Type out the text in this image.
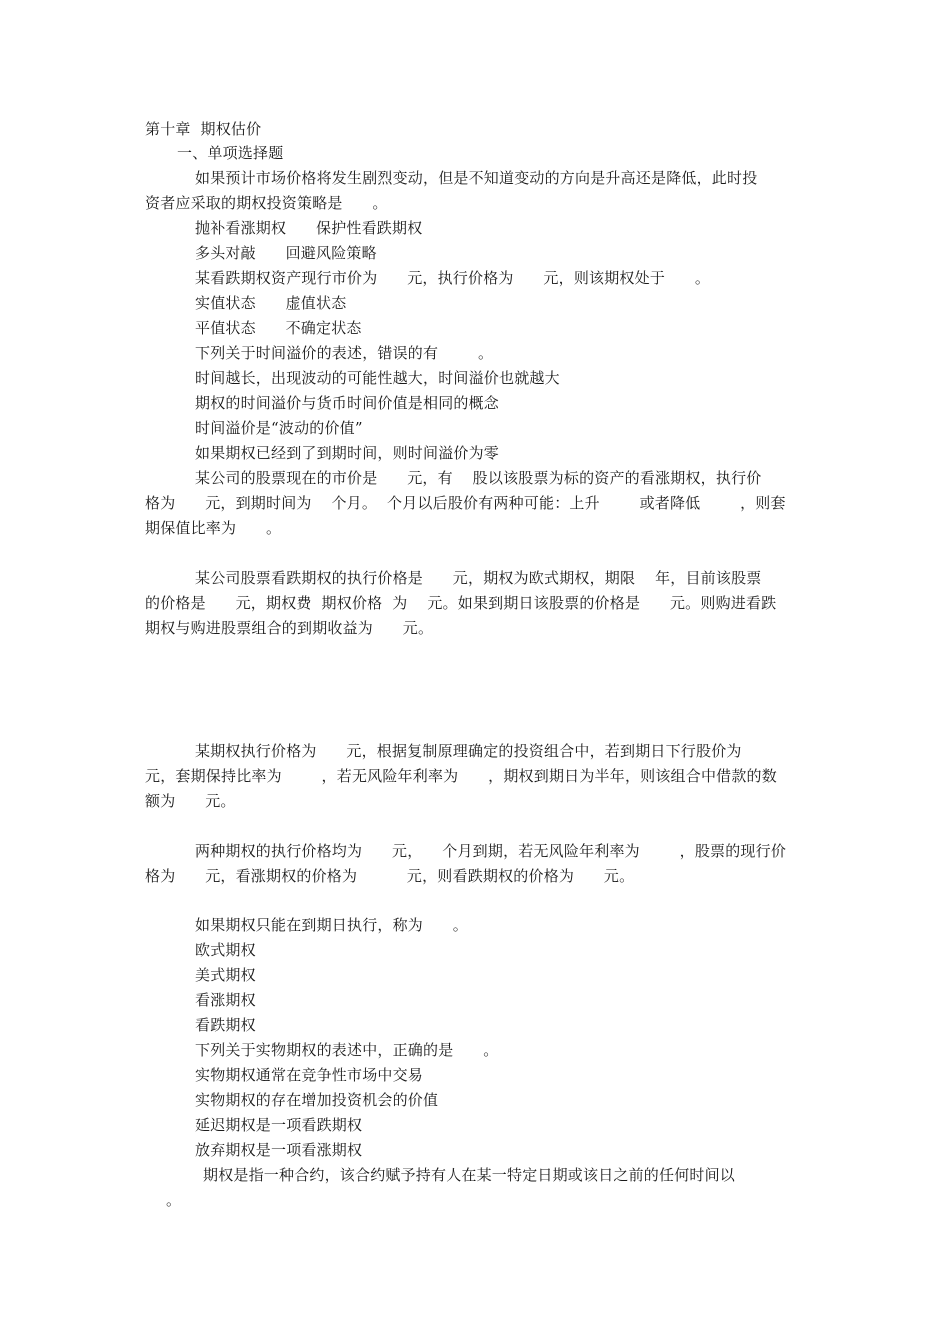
第十章  期权估价
一、单项选择题
如果预计市场价格将发生剧烈变动，但是不知道变动的方向是升高还是降低，此时投
资者应采取的期权投资策略是      。
抛补看涨期权      保护性看跌期权
多头对敲      回避风险策略
某看跌期权资产现行市价为      元，执行价格为      元，则该期权处于      。
实值状态      虚值状态
平值状态      不确定状态
下列关于时间溢价的表述，错误的有        。
时间越长，出现波动的可能性越大，时间溢价也就越大
期权的时间溢价与货币时间价值是相同的概念
时间溢价是“波动的价值”
如果期权已经到了到期时间，则时间溢价为零
某公司的股票现在的市价是      元，有    股以该股票为标的资产的看涨期权，执行价
格为      元，到期时间为    个月。  个月以后股价有两种可能：上升        或者降低        ，则套
期保值比率为      。
某公司股票看跌期权的执行价格是      元，期权为欧式期权，期限    年，目前该股票
的价格是      元，期权费  期权价格  为    元。如果到期日该股票的价格是      元。则购进看跌
期权与购进股票组合的到期收益为      元。
某期权执行价格为      元，根据复制原理确定的投资组合中，若到期日下行股价为
元，套期保持比率为        ，若无风险年利率为      ，期权到期日为半年，则该组合中借款的数
额为      元。
两种期权的执行价格均为      元，    个月到期，若无风险年利率为        ，股票的现行价
格为      元，看涨期权的价格为          元，则看跌期权的价格为      元。
如果期权只能在到期日执行，称为      。
欧式期权
美式期权
看涨期权
看跌期权
下列关于实物期权的表述中，正确的是      。
实物期权通常在竞争性市场中交易
实物期权的存在增加投资机会的价值
延迟期权是一项看跌期权
放弃期权是一项看涨期权
期权是指一种合约，该合约赋予持有人在某一特定日期或该日之前的任何时间以
。
